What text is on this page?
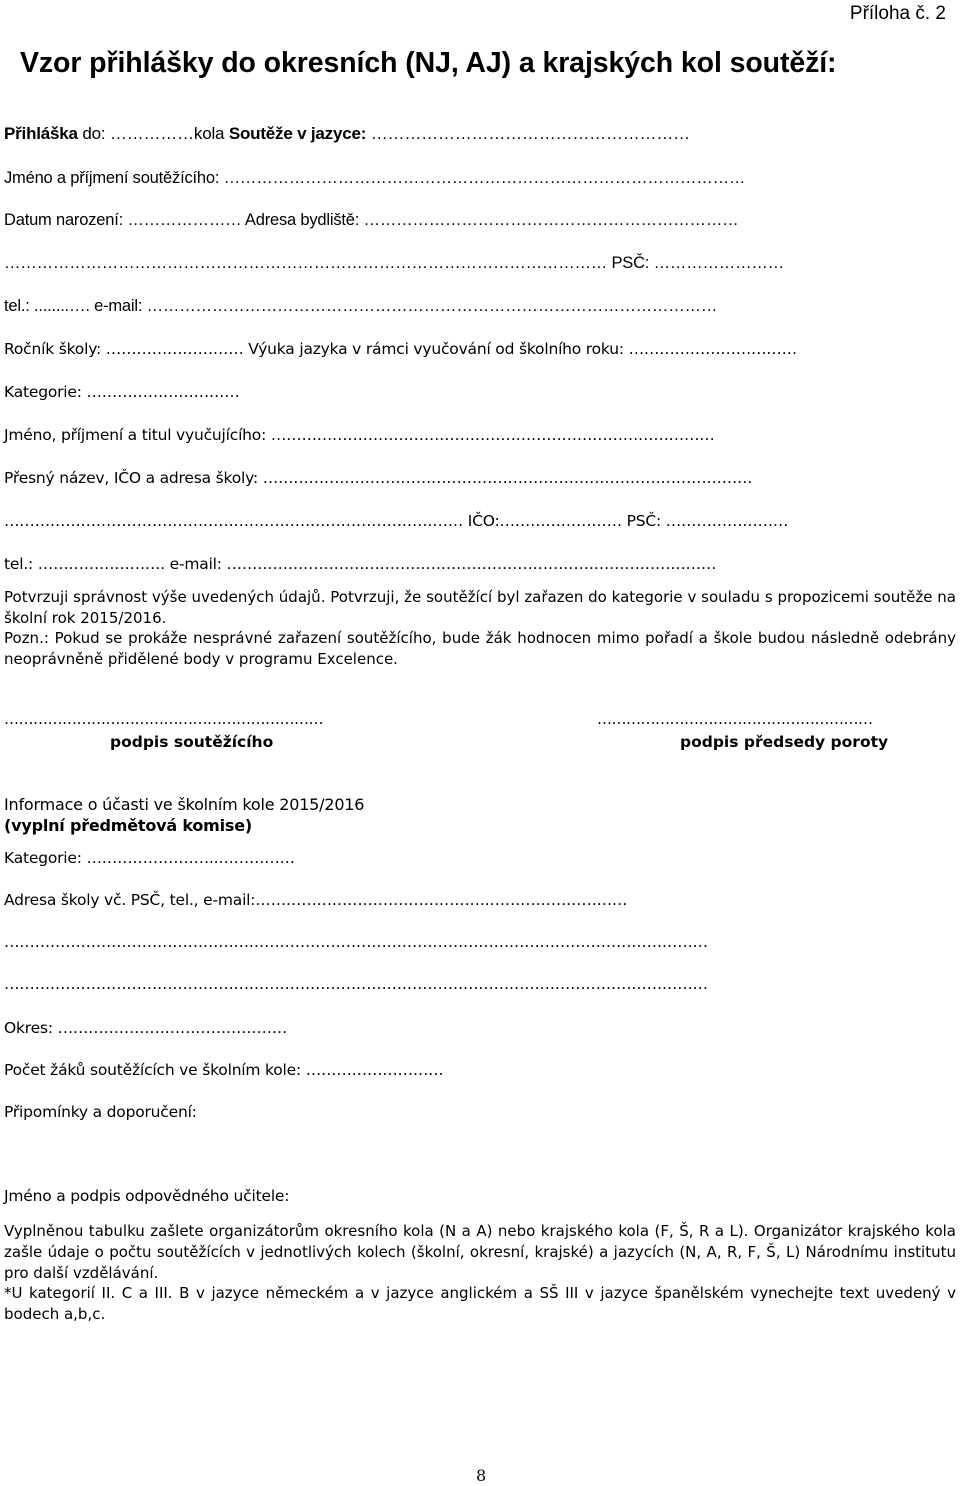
Příloha č. 2
Vzor přihlášky do okresních (NJ, AJ) a krajských kol soutěží:
Přihláška do: ……………kola Soutěže v jazyce: …………………………………………………
Jméno a příjmení soutěžícího: ……………………………………………………………………………………
Datum narození: ………………… Adresa bydliště: ……………………………………………………………
………………………………………………………………………………………………… PSČ: ……………………
tel.: ........…. e-mail: ……………………………………………………………………………………………
Ročník školy: ……………………… Výuka jazyka v rámci vyučování od školního roku: ……………………………
Kategorie: …………………………
Jméno, příjmení a titul vyučujícího: ……………………………………………………………………………
Přesný název, IČO a adresa školy: ……………………………………………………………………………………
……………………………………………………………………………… IČO:…………………… PSČ: ……………………
tel.: ……………………. e-mail: ……………………………………………………………………………………
Potvrzuji správnost výše uvedených údajů. Potvrzuji, že soutěžící byl zařazen do kategorie v souladu s propozicemi soutěže na školní rok 2015/2016.
Pozn.: Pokud se prokáže nesprávné zařazení soutěžícího, bude žák hodnocen mimo pořadí a škole budou následně odebrány neoprávněně přidělené body v programu Excelence.
…………………………………………………………
podpis soutěžícího
…………………………………………………
podpis předsedy poroty
Informace o účasti ve školním kole 2015/2016
(vyplní předmětová komise)
Kategorie: ……………………..……………
Adresa školy vč. PSČ, tel., e-mail:……………………………………….………………………
…………………………………………………………………………………………………………………………
…………………………………………………………………………………………………………………………
Okres: ………………………………………
Počet žáků soutěžících ve školním kole: ………………………
Připomínky a doporučení:
Jméno a podpis odpovědného učitele:
Vyplněnou tabulku zašlete organizátorům okresního kola (N a A) nebo krajského kola (F, Š, R a L). Organizátor krajského kola zašle údaje o počtu soutěžících v jednotlivých kolech (školní, okresní, krajské) a jazycích (N, A, R, F, Š, L) Národnímu institutu pro další vzdělávání.
*U kategorií II. C a III. B v jazyce německém a v jazyce anglickém a SŠ III v jazyce španělském vynechejte text uvedený v bodech a,b,c.
8
